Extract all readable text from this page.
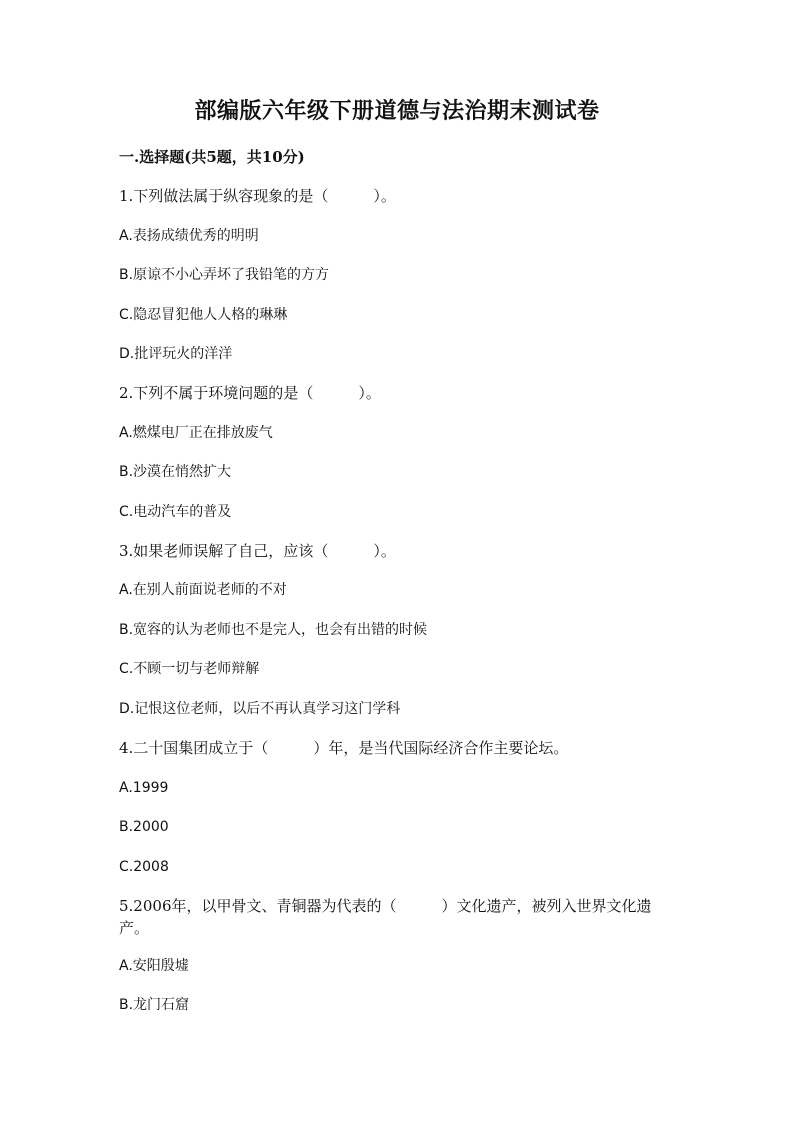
部编版六年级下册道德与法治期末测试卷
一.选择题(共5题，共10分)
1.下列做法属于纵容现象的是（　　　）。
A.表扬成绩优秀的明明
B.原谅不小心弄坏了我铅笔的方方
C.隐忍冒犯他人人格的琳琳
D.批评玩火的洋洋
2.下列不属于环境问题的是（　　　）。
A.燃煤电厂正在排放废气
B.沙漠在悄然扩大
C.电动汽车的普及
3.如果老师误解了自己，应该（　　　）。
A.在别人前面说老师的不对
B.宽容的认为老师也不是完人，也会有出错的时候
C.不顾一切与老师辩解
D.记恨这位老师，以后不再认真学习这门学科
4.二十国集团成立于（　　　）年，是当代国际经济合作主要论坛。
A.1999
B.2000
C.2008
5.2006年，以甲骨文、青铜器为代表的（　　　）文化遗产，被列入世界文化遗产。
A.安阳殷墟
B.龙门石窟
